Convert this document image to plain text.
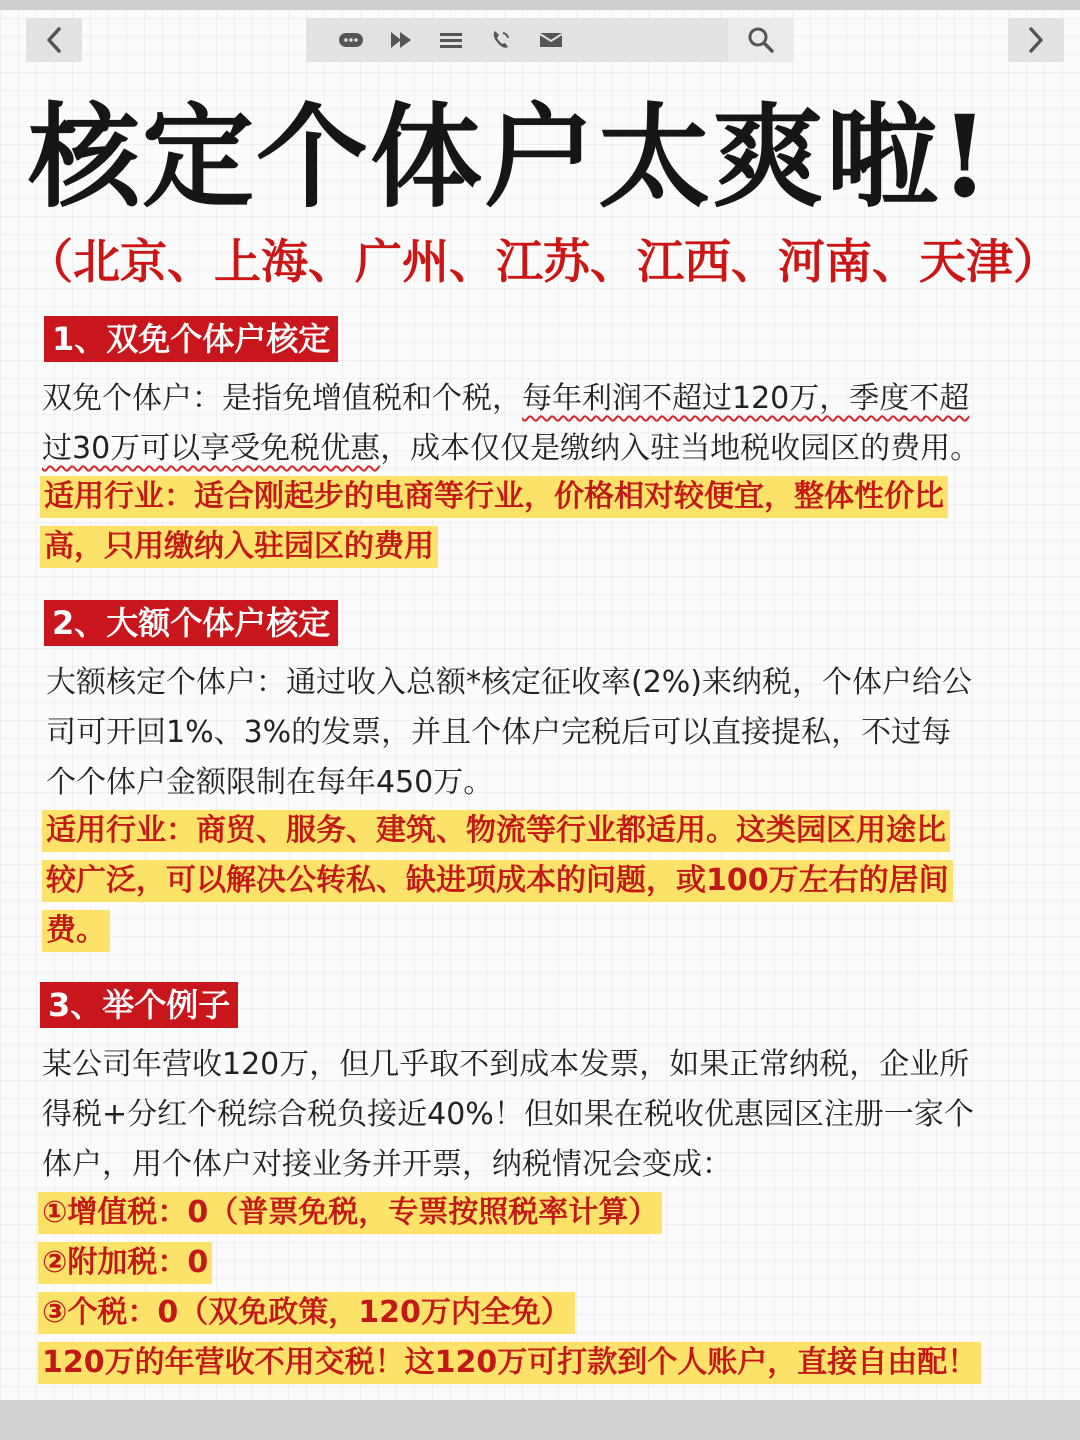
核定个体户太爽啦!
（北京、上海、广州、江苏、江西、河南、天津）
1、双免个体户核定
双免个体户：是指免增值税和个税，每年利润不超过120万，季度不超
过30万可以享受免税优惠，成本仅仅是缴纳入驻当地税收园区的费用。
适用行业：适合刚起步的电商等行业，价格相对较便宜，整体性价比
高，只用缴纳入驻园区的费用
2、大额个体户核定
大额核定个体户：通过收入总额*核定征收率(2%)来纳税，个体户给公
司可开回1%、3%的发票，并且个体户完税后可以直接提私，不过每
个个体户金额限制在每年450万。
适用行业：商贸、服务、建筑、物流等行业都适用。这类园区用途比
较广泛，可以解决公转私、缺进项成本的问题，或100万左右的居间
费。
3、举个例子
某公司年营收120万，但几乎取不到成本发票，如果正常纳税，企业所
得税+分红个税综合税负接近40%！但如果在税收优惠园区注册一家个
体户，用个体户对接业务并开票，纳税情况会变成：
①增值税：0（普票免税，专票按照税率计算）
②附加税：0
③个税：0（双免政策，120万内全免）
120万的年营收不用交税！这120万可打款到个人账户，直接自由配！
